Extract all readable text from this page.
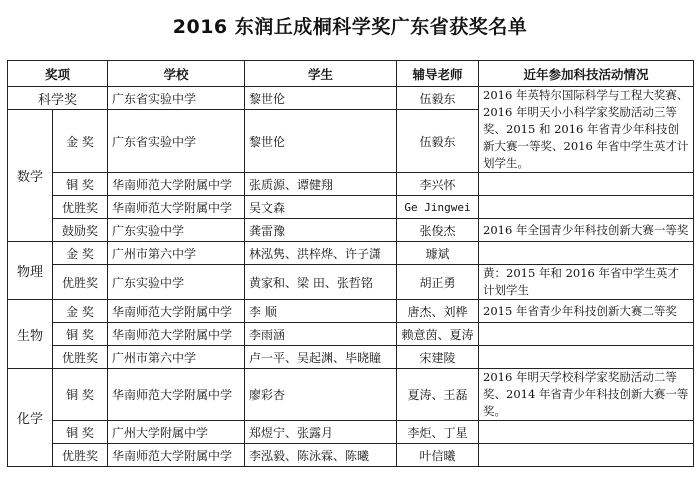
2016 东润丘成桐科学奖广东省获奖名单
奖项		学校	学生	辅导老师	近年参加科技活动情况
科学奖		广东省实验中学	黎世伦	伍毅东	2016 年英特尔国际科学与工程大奖赛、2016 年明天小小科学家奖励活动三等奖、2015 和 2016 年省青少年科技创新大赛一等奖、2016 年省中学生英才计划学生。
数学	金 奖	广东省实验中学	黎世伦	伍毅东	
	铜 奖	华南师范大学附属中学	张质源、谭健翔	李兴怀	
	优胜奖	华南师范大学附属中学	吴文森	Ge Jingwei	
	鼓励奖	广东实验中学	龚雷豫	张俊杰	2016 年全国青少年科技创新大赛一等奖
物理	金 奖	广州市第六中学	林泓隽、洪梓烨、许子潇	璩斌	
	优胜奖	广东实验中学	黄家和、梁 田、张哲铭	胡正勇	黄：2015 年和 2016 年省中学生英才计划学生
生物	金 奖	华南师范大学附属中学	李 顺	唐杰、刘桦	2015 年省青少年科技创新大赛二等奖
	铜 奖	华南师范大学附属中学	李雨涵	赖意茵、夏涛	
	优胜奖	广州市第六中学	卢一平、吴起渊、毕晓瞳	宋建陵	
化学	铜 奖	华南师范大学附属中学	廖彩杏	夏涛、王磊	2016 年明天学校科学家奖励活动二等奖、2014 年省青少年科技创新大赛一等奖。
	铜 奖	广州大学附属中学	郑煜宁、张露月	李炬、丁星	
	优胜奖	华南师范大学附属中学	李泓毅、陈泳霖、陈曦	叶信曦	
